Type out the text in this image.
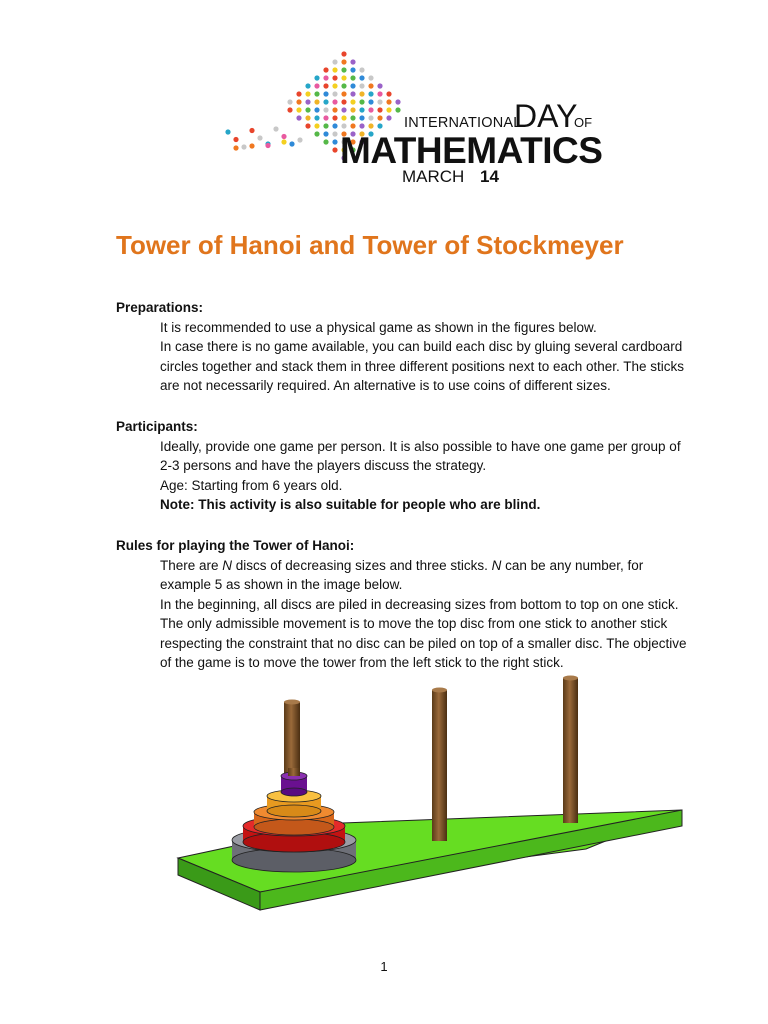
INTERNATIONAL
DAY
OF
MATHEMATICS
MARCH 14
Tower of Hanoi and Tower of Stockmeyer
Preparations:
It is recommended to use a physical game as shown in the figures below.
In case there is no game available, you can build each disc by gluing several cardboard
circles together and stack them in three different positions next to each other. The sticks
are not necessarily required. An alternative is to use coins of different sizes.
Participants:
Ideally, provide one game per person. It is also possible to have one game per group of
2-3 persons and have the players discuss the strategy.
Age: Starting from 6 years old.
Note: This activity is also suitable for people who are blind.
Rules for playing the Tower of Hanoi:
There are N discs of decreasing sizes and three sticks. N can be any number, for
example 5 as shown in the image below.
In the beginning, all discs are piled in decreasing sizes from bottom to top on one stick.
The only admissible movement is to move the top disc from one stick to another stick
respecting the constraint that no disc can be piled on top of a smaller disc. The objective
of the game is to move the tower from the left stick to the right stick.
1
